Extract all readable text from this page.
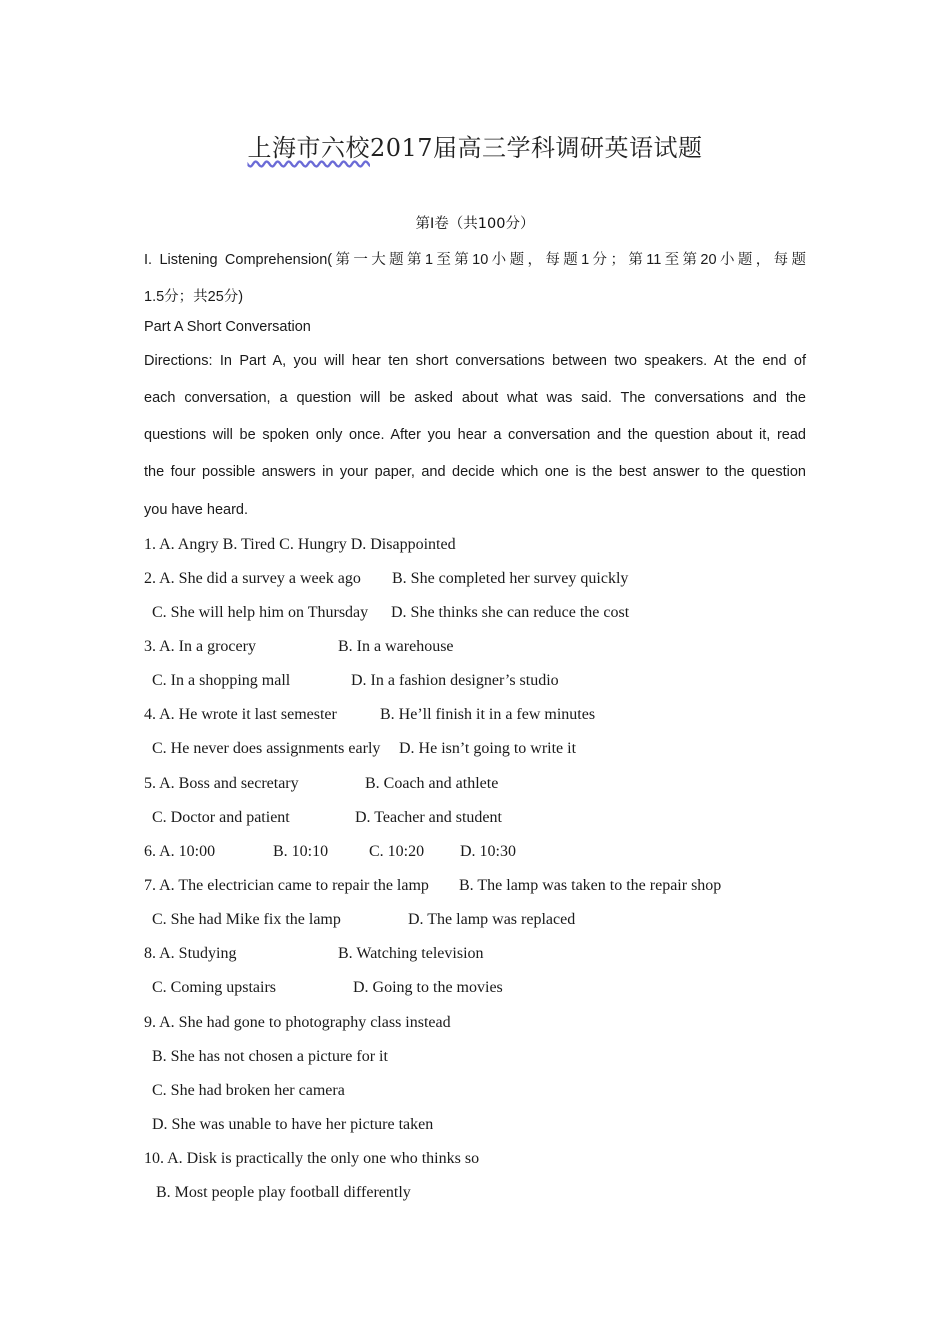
上海市六校2017届高三学科调研英语试题
第I卷（共100分）
I. Listening Comprehension(第一大题第1至第10小题，每题1分；第11至第20小题，每题
1.5分；共25分)
Part A Short Conversation
Directions: In Part A, you will hear ten short conversations between two speakers. At the end of
each conversation, a question will be asked about what was said. The conversations and the
questions will be spoken only once. After you hear a conversation and the question about it, read
the four possible answers in your paper, and decide which one is the best answer to the question
you have heard.
1. A. Angry B. Tired C. Hungry D. Disappointed
2. A. She did a survey a week ago B. She completed her survey quickly
C. She will help him on Thursday D. She thinks she can reduce the cost
3. A. In a grocery	B. In a warehouse
C. In a shopping mall	D. In a fashion designer’s studio
4. A. He wrote it last semester	B. He’ll finish it in a few minutes
C. He never does assignments early D. He isn’t going to write it
5. A. Boss and secretary	B. Coach and athlete
C. Doctor and patient	D. Teacher and student
6. A. 10:00	B. 10:10	C. 10:20 D. 10:30
7. A. The electrician came to repair the lamp B. The lamp was taken to the repair shop
C. She had Mike fix the lamp	D. The lamp was replaced
8. A. Studying	B. Watching television
C. Coming upstairs	D. Going to the movies
9. A. She had gone to photography class instead
B. She has not chosen a picture for it
C. She had broken her camera
D. She was unable to have her picture taken
10. A. Disk is practically the only one who thinks so
B. Most people play football differently
